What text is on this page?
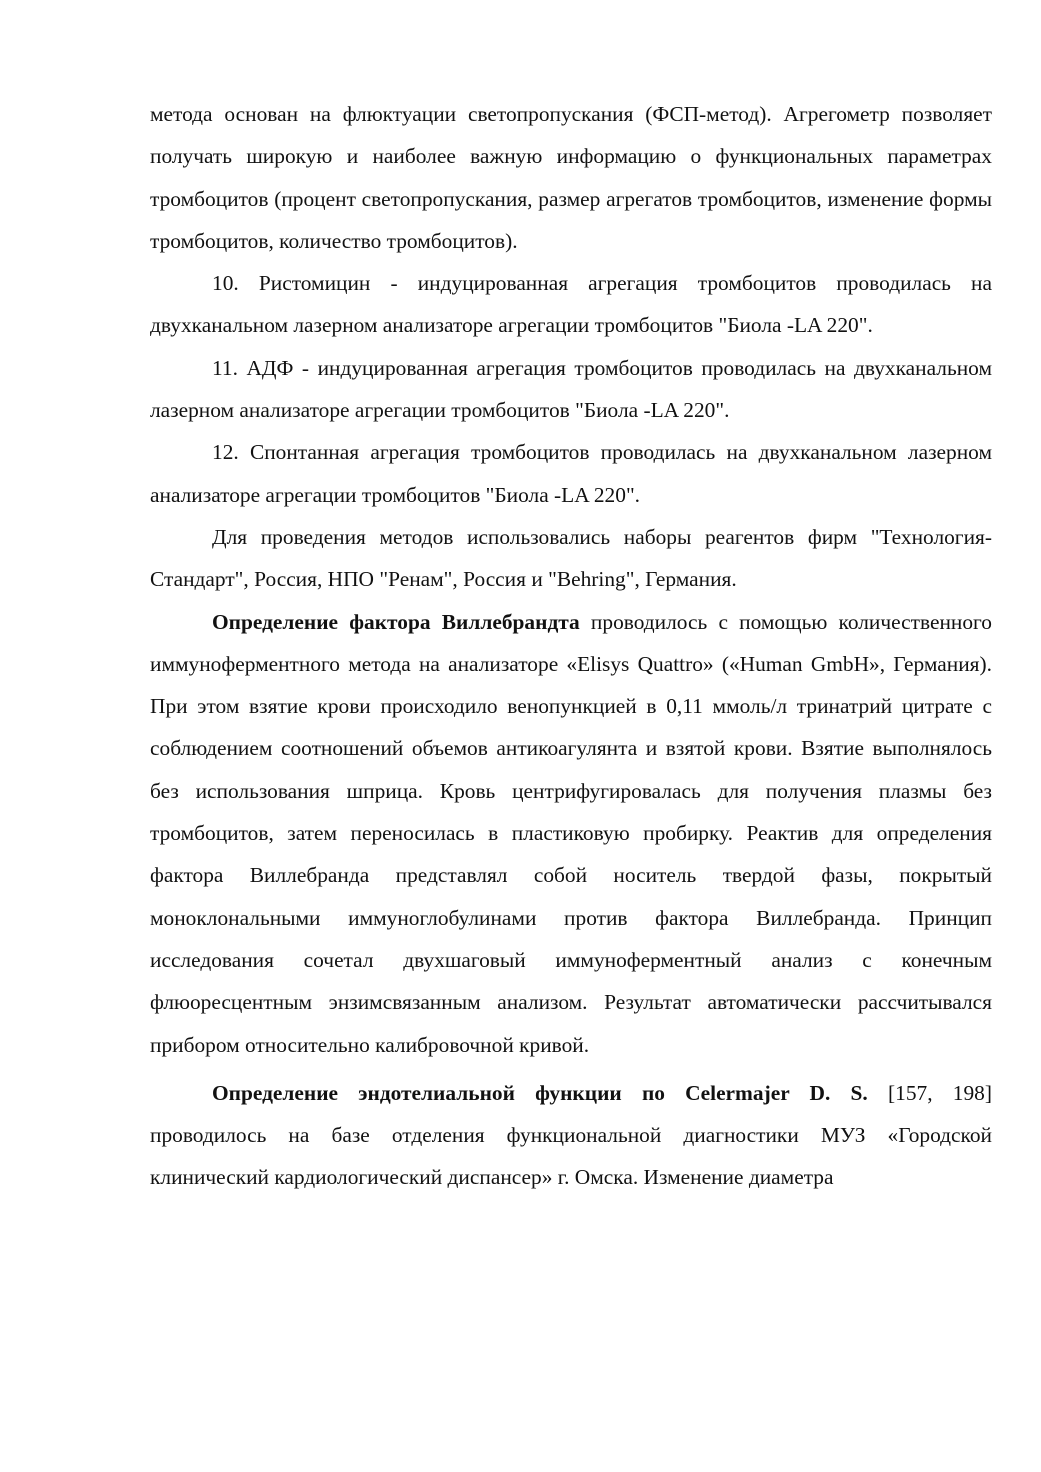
метода основан на флюктуации светопропускания (ФСП-метод). Агрегометр позволяет получать широкую и наиболее важную информацию о функциональных параметрах тромбоцитов (процент светопропускания, размер агрегатов тромбоцитов, изменение формы тромбоцитов, количество тромбоцитов).

10. Ристомицин - индуцированная агрегация тромбоцитов проводилась на двухканальном лазерном анализаторе агрегации тромбоцитов "Биола -LA 220".

11. АДФ - индуцированная агрегация тромбоцитов проводилась на двухканальном лазерном анализаторе агрегации тромбоцитов "Биола -LA 220".

12. Спонтанная агрегация тромбоцитов проводилась на двухканальном лазерном анализаторе агрегации тромбоцитов "Биола -LA 220".

Для проведения методов использовались наборы реагентов фирм "Технология- Стандарт", Россия, НПО "Ренам", Россия и "Behring", Германия.

Определение фактора Виллебрандта проводилось с помощью количественного иммуноферментного метода на анализаторе «Elisys Quattro» («Human GmbH», Германия). При этом взятие крови происходило венопункцией в 0,11 ммоль/л тринатрий цитрате с соблюдением соотношений объемов антикоагулянта и взятой крови. Взятие выполнялось без использования шприца. Кровь центрифугировалась для получения плазмы без тромбоцитов, затем переносилась в пластиковую пробирку. Реактив для определения фактора Виллебранда представлял собой носитель твердой фазы, покрытый моноклональными иммуноглобулинами против фактора Виллебранда. Принцип исследования сочетал двухшаговый иммуноферментный анализ с конечным флюоресцентным энзимсвязанным анализом. Результат автоматически рассчитывался прибором относительно калибровочной кривой.

Определение эндотелиальной функции по Celermajer D. S. [157, 198] проводилось на базе отделения функциональной диагностики МУЗ «Городской клинический кардиологический диспансер» г. Омска. Изменение диаметра
